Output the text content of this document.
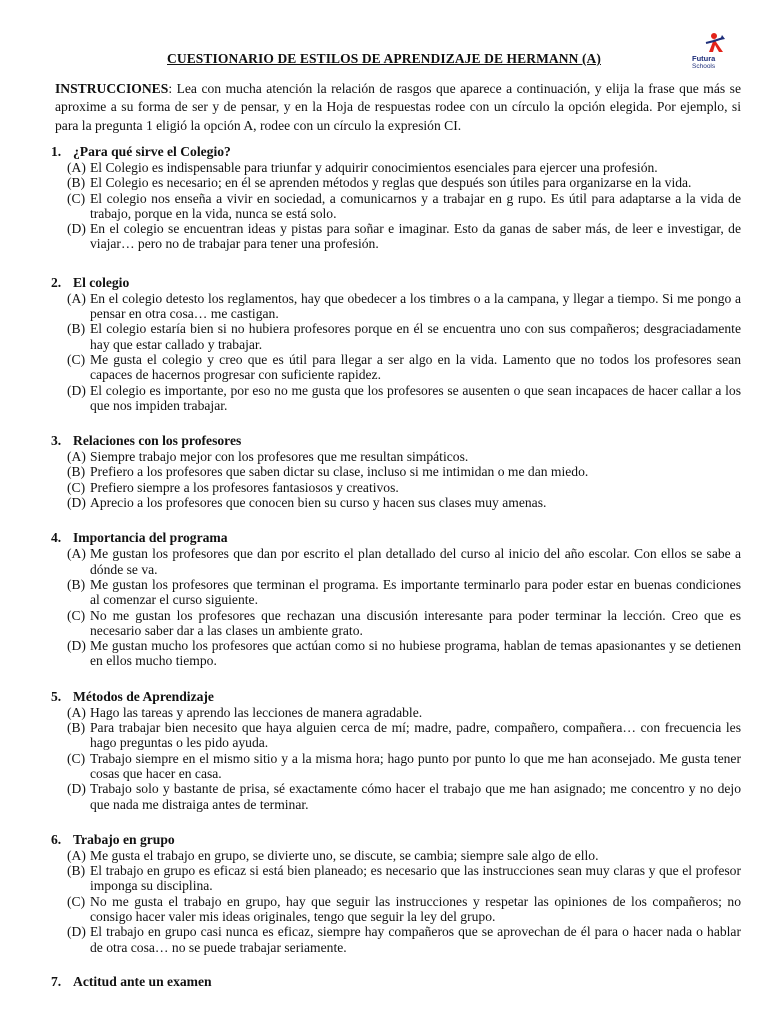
CUESTIONARIO DE ESTILOS DE APRENDIZAJE DE HERMANN (A)	Futura
Schools
INSTRUCCIONES: Lea con mucha atención la relación de rasgos que aparece a continuación, y elija la frase que más se aproxime a su forma de ser y de pensar, y en la Hoja de respuestas rodee con un círculo la opción elegida. Por ejemplo, si para la pregunta 1 eligió la opción A, rodee con un círculo la expresión CI.
1. ¿Para qué sirve el Colegio?
(A) El Colegio es indispensable para triunfar y adquirir conocimientos esenciales para ejercer una profesión.
(B) El Colegio es necesario; en él se aprenden métodos y reglas que después son útiles para organizarse en la vida.
(C) El colegio nos enseña a vivir en sociedad, a comunicarnos y a trabajar en g rupo. Es útil para adaptarse a la vida de trabajo, porque en la vida, nunca se está solo.
(D) En el colegio se encuentran ideas y pistas para soñar e imaginar. Esto da ganas de saber más, de leer e investigar, de viajar… pero no de trabajar para tener una profesión.
2. El colegio
(A) En el colegio detesto los reglamentos, hay que obedecer a los timbres o a la campana, y llegar a tiempo. Si me pongo a pensar en otra cosa… me castigan.
(B) El colegio estaría bien si no hubiera profesores porque en él se encuentra uno con sus compañeros; desgraciadamente hay que estar callado y trabajar.
(C) Me gusta el colegio y creo que es útil para llegar a ser algo en la vida. Lamento que no todos los profesores sean capaces de hacernos progresar con suficiente rapidez.
(D) El colegio es importante, por eso no me gusta que los profesores se ausenten o que sean incapaces de hacer callar a los que nos impiden trabajar.
3. Relaciones con los profesores
(A) Siempre trabajo mejor con los profesores que me resultan simpáticos.
(B) Prefiero a los profesores que saben dictar su clase, incluso si me intimidan o me dan miedo.
(C) Prefiero siempre a los profesores fantasiosos y creativos.
(D) Aprecio a los profesores que conocen bien su curso y hacen sus clases muy amenas.
4. Importancia del programa
(A) Me gustan los profesores que dan por escrito el plan detallado del curso al inicio del año escolar. Con ellos se sabe a dónde se va.
(B) Me gustan los profesores que terminan el programa. Es importante terminarlo para poder estar en buenas condiciones al comenzar el curso siguiente.
(C) No me gustan los profesores que rechazan una discusión interesante para poder terminar la lección. Creo que es necesario saber dar a las clases un ambiente grato.
(D) Me gustan mucho los profesores que actúan como si no hubiese programa, hablan de temas apasionantes y se detienen en ellos mucho tiempo.
5. Métodos de Aprendizaje
(A) Hago las tareas y aprendo las lecciones de manera agradable.
(B) Para trabajar bien necesito que haya alguien cerca de mí; madre, padre, compañero, compañera… con frecuencia les hago preguntas o les pido ayuda.
(C) Trabajo siempre en el mismo sitio y a la misma hora; hago punto por punto lo que me han aconsejado. Me gusta tener cosas que hacer en casa.
(D) Trabajo solo y bastante de prisa, sé exactamente cómo hacer el trabajo que me han asignado; me concentro y no dejo que nada me distraiga antes de terminar.
6. Trabajo en grupo
(A) Me gusta el trabajo en grupo, se divierte uno, se discute, se cambia; siempre sale algo de ello.
(B) El trabajo en grupo es eficaz si está bien planeado; es necesario que las instrucciones sean muy claras y que el profesor imponga su disciplina.
(C) No me gusta el trabajo en grupo, hay que seguir las instrucciones y respetar las opiniones de los compañeros; no consigo hacer valer mis ideas originales, tengo que seguir la ley del grupo.
(D) El trabajo en grupo casi nunca es eficaz, siempre hay compañeros que se aprovechan de él para o hacer nada o hablar de otra cosa… no se puede trabajar seriamente.
7. Actitud ante un examen
